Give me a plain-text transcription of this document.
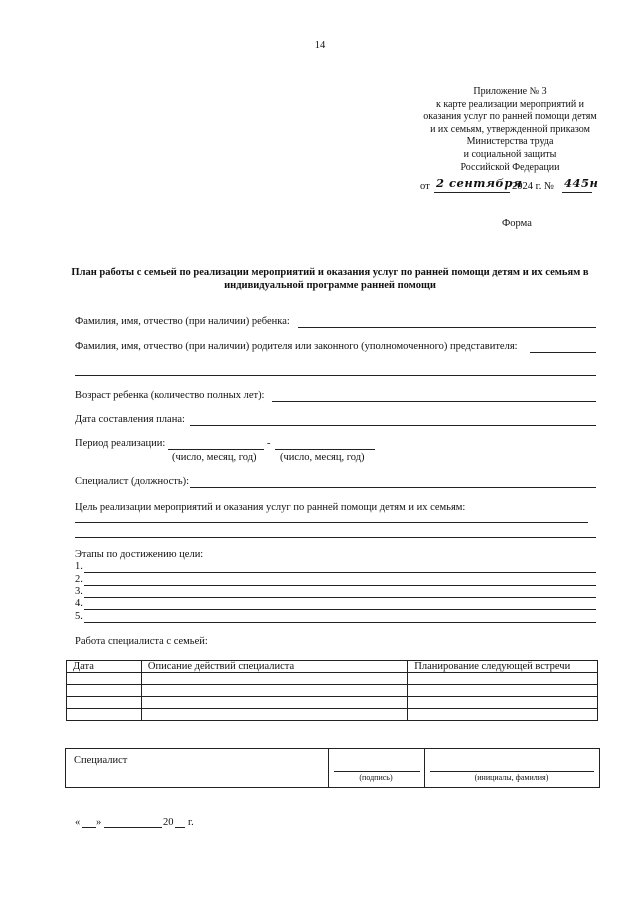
14
Приложение № 3
к карте реализации мероприятий и
оказания услуг по ранней помощи детям
и их семьям, утвержденной приказом
Министерства труда
и социальной защиты
Российской Федерации
от 2 сентября
2024 г. № 445н
Форма
План работы с семьей по реализации мероприятий и оказания услуг по ранней помощи детям и их семьям в индивидуальной программе ранней помощи
Фамилия, имя, отчество (при наличии) ребенка:
Фамилия, имя, отчество (при наличии) родителя или законного (уполномоченного) представителя:
Возраст ребенка (количество полных лет):
Дата составления плана:
Период реализации:	-
(число, месяц, год) (число, месяц, год)
Специалист (должность):
Цель реализации мероприятий и оказания услуг по ранней помощи детям и их семьям:
Этапы по достижению цели:
1.
2.
3.
4.
5.
Работа специалиста с семьей:
Дата	Описание действий специалиста	Планирование следующей встречи

Специалист
(подпись)	(инициалы, фамилия)
« »	20 г.
